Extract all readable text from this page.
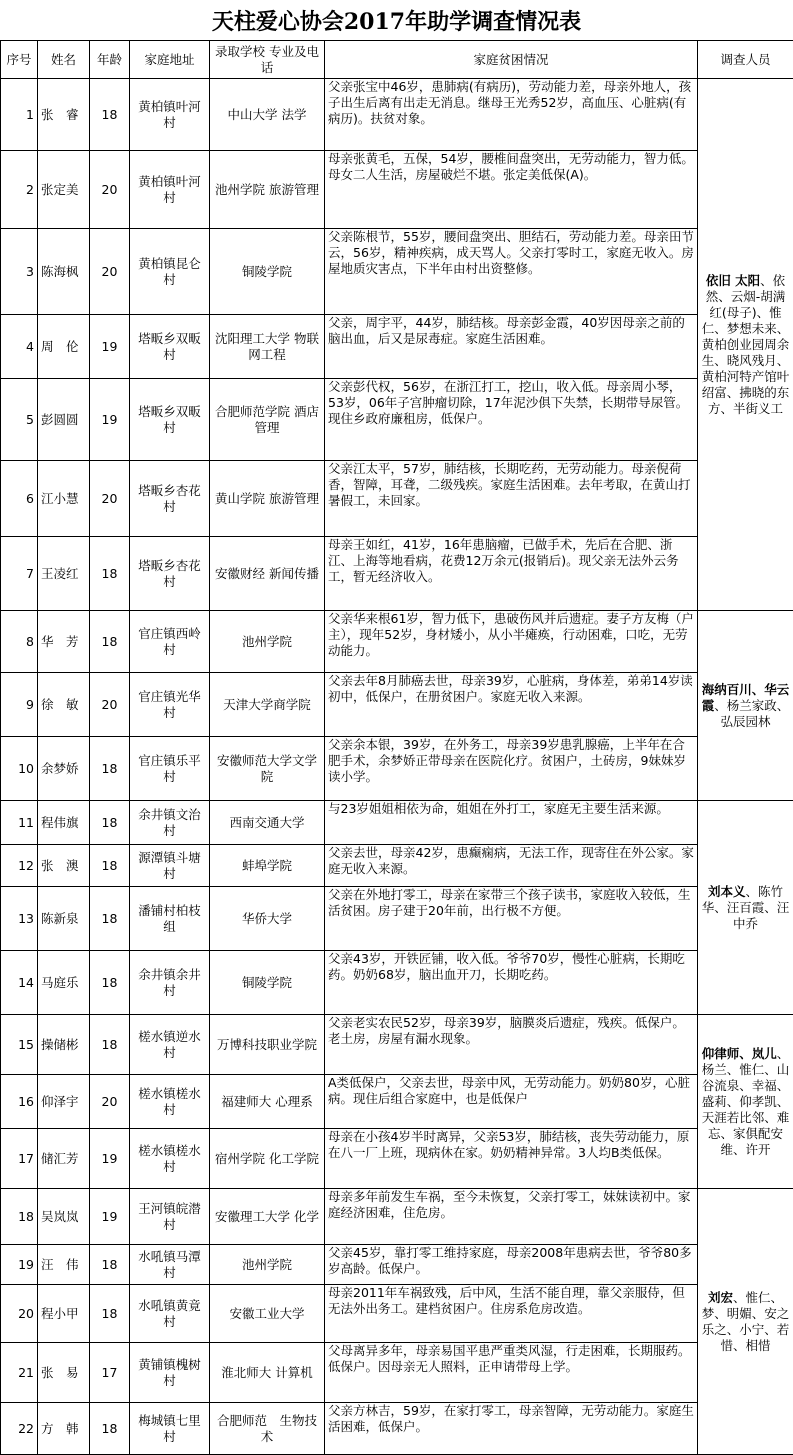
天柱爱心协会2017年助学调查情况表
序号	姓名	年龄	家庭地址	录取学校 专业及电话	家庭贫困情况	调查人员
1	张　睿	18	黄柏镇叶河村	中山大学 法学	父亲张宝中46岁，患肺病(有病历)，劳动能力差，母亲外地人，孩子出生后离有出走无消息。继母王光秀52岁，高血压、心脏病(有病历)。扶贫对象。	依旧 太阳、依然、云烟-胡满红(母子)、惟仁、梦想未来、黄柏创业园周余生、晓风残月、黄柏河特产馆叶绍富、拂晓的东方、半街义工
2	张定美	20	黄柏镇叶河村	池州学院 旅游管理	母亲张黄毛，五保，54岁，腰椎间盘突出，无劳动能力，智力低。母女二人生活，房屋破烂不堪。张定美低保(A)。	
3	陈海枫	20	黄柏镇昆仑村	铜陵学院	父亲陈根节，55岁，腰间盘突出、胆结石，劳动能力差。母亲田节云，56岁，精神疾病，成天骂人。父亲打零时工，家庭无收入。房屋地质灾害点，下半年由村出资整修。	
4	周　伦	19	塔畈乡双畈村	沈阳理工大学 物联网工程	父亲，周宇平，44岁，肺结核。母亲彭金霞，40岁因母亲之前的脑出血，后又是尿毒症。家庭生活困难。	
5	彭圆圆	19	塔畈乡双畈村	合肥师范学院 酒店管理	父亲彭代权，56岁，在浙江打工，挖山，收入低。母亲周小琴，53岁，06年子宫肿瘤切除，17年泥沙俱下失禁，长期带导尿管。现住乡政府廉租房，低保户。	
6	江小慧	20	塔畈乡杏花村	黄山学院 旅游管理	父亲江太平，57岁，肺结核，长期吃药，无劳动能力。母亲倪荷香，智障，耳聋，二级残疾。家庭生活困难。去年考取，在黄山打暑假工，未回家。	
7	王凌红	18	塔畈乡杏花村	安徽财经 新闻传播	母亲王如红，41岁，16年患脑瘤，已做手术，先后在合肥、浙江、上海等地看病，花费12万余元(报销后)。现父亲无法外云务工，暂无经济收入。	
8	华　芳	18	官庄镇西岭村	池州学院	父亲华来根61岁，智力低下，患破伤风并后遗症。妻子方友梅（户主），现年52岁，身材矮小，从小半瘫痪，行动困难，口吃，无劳动能力。	海纳百川、华云霞、杨兰家政、弘辰园林
9	徐　敏	20	官庄镇光华村	天津大学商学院	父亲去年8月肺癌去世，母亲39岁，心脏病，身体差，弟弟14岁读初中，低保户，在册贫困户。家庭无收入来源。	
10	余梦娇	18	官庄镇乐平村	安徽师范大学文学院	父亲余本银，39岁，在外务工，母亲39岁患乳腺癌，上半年在合肥手术，余梦娇正带母亲在医院化疗。贫困户，土砖房，9妹妹岁读小学。	
11	程伟旗	18	余井镇文治村	西南交通大学	与23岁姐姐相依为命，姐姐在外打工，家庭无主要生活来源。	刘本义、陈竹华、汪百霞、汪中乔
12	张　澳	18	源潭镇斗塘村	蚌埠学院	父亲去世，母亲42岁，患癫痫病，无法工作，现寄住在外公家。家庭无收入来源。	
13	陈新泉	18	潘铺村柏枝组	华侨大学	父亲在外地打零工，母亲在家带三个孩子读书，家庭收入较低，生活贫困。房子建于20年前，出行极不方便。	
14	马庭乐	18	余井镇余井村	铜陵学院	父亲43岁，开铁匠铺，收入低。爷爷70岁，慢性心脏病，长期吃药。奶奶68岁，脑出血开刀，长期吃药。	
15	操储彬	18	槎水镇逆水村	万博科技职业学院	父亲老实农民52岁，母亲39岁，脑膜炎后遗症，残疾。低保户。老土房，房屋有漏水现象。	仰律师、岚儿、杨兰、惟仁、山谷流泉、幸福、盛莉、仰孝凯、天涯若比邻、难忘、家俱配安维、许开
16	仰泽宇	20	槎水镇槎水村	福建师大 心理系	A类低保户，父亲去世，母亲中风，无劳动能力。奶奶80岁，心脏病。现住后组合家庭中，也是低保户	
17	储汇芳	19	槎水镇槎水村	宿州学院 化工学院	母亲在小孩4岁半时离异，父亲53岁，肺结核，丧失劳动能力，原在八一厂上班，现病休在家。奶奶精神异常。3人均B类低保。	
18	吴岚岚	19	王河镇皖潜村	安徽理工大学 化学	母亲多年前发生车祸，至今未恢复，父亲打零工，妹妹读初中。家庭经济困难，住危房。	刘宏、惟仁、梦、明媚、安之乐之、小宁、若惜、相惜
19	汪　伟	18	水吼镇马潭村	池州学院	父亲45岁，靠打零工维持家庭，母亲2008年患病去世，爷爷80多岁高龄。低保户。	
20	程小甲	18	水吼镇黄竟村	安徽工业大学	母亲2011年车祸致残，后中风，生活不能自理，靠父亲服侍，但无法外出务工。建档贫困户。住房系危房改造。	
21	张　易	17	黄铺镇槐树村	淮北师大 计算机	父母离异多年，母亲易国平患严重类风湿，行走困难，长期服药。低保户。因母亲无人照料，正申请带母上学。	
22	方　韩	18	梅城镇七里村	合肥师范　生物技术	父亲方林吉，59岁，在家打零工，母亲智障，无劳动能力。家庭生活困难，低保户。	
